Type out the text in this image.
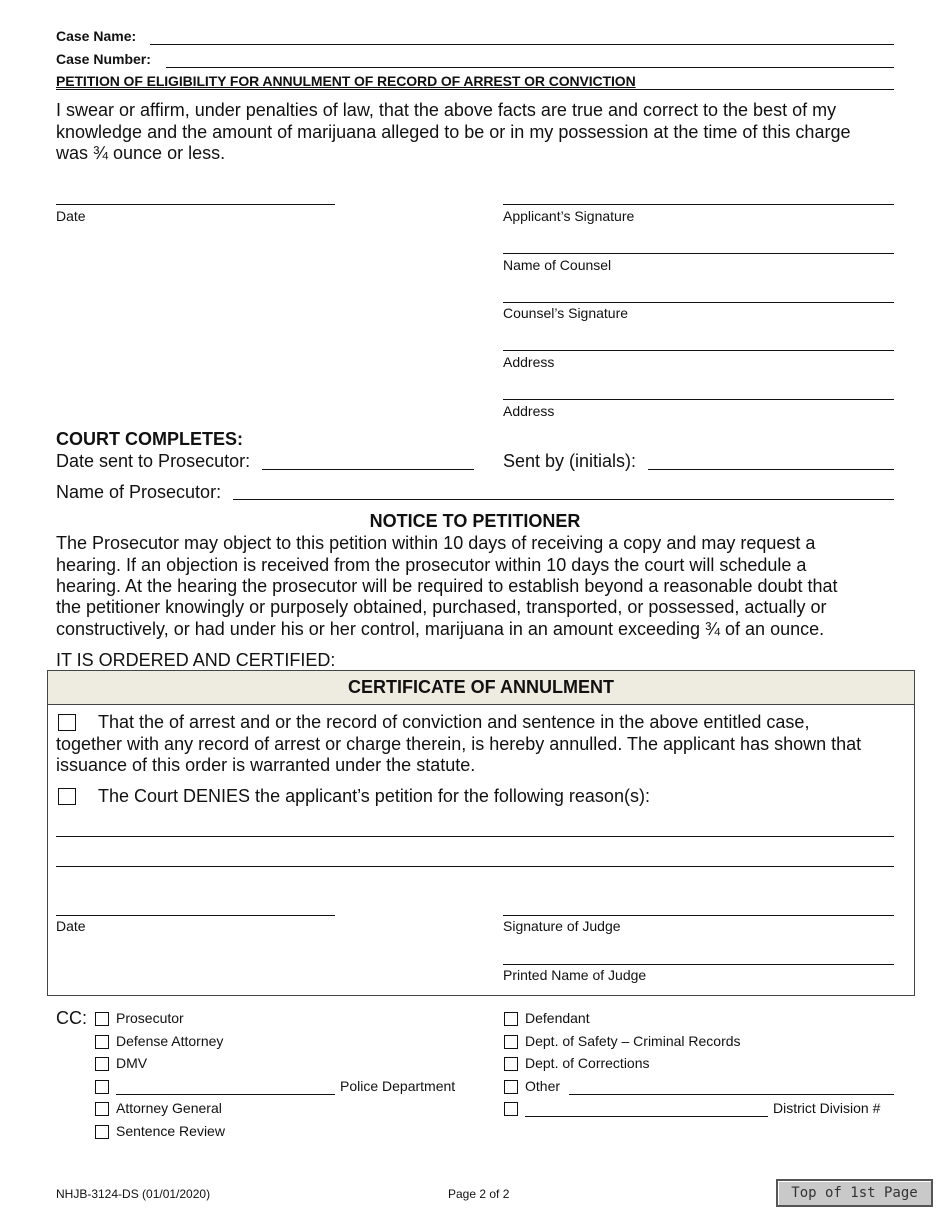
Case Name:
Case Number:
PETITION OF ELIGIBILITY FOR ANNULMENT OF RECORD OF ARREST OR CONVICTION
I swear or affirm, under penalties of law, that the above facts are true and correct to the best of my
knowledge and the amount of marijuana alleged to be or in my possession at the time of this charge
was ¾ ounce or less.
Date	Applicant’s Signature
Name of Counsel
Counsel’s Signature
Address
Address
COURT COMPLETES:
Date sent to Prosecutor:	Sent by (initials):
Name of Prosecutor:
NOTICE TO PETITIONER
The Prosecutor may object to this petition within 10 days of receiving a copy and may request a
hearing. If an objection is received from the prosecutor within 10 days the court will schedule a
hearing. At the hearing the prosecutor will be required to establish beyond a reasonable doubt that
the petitioner knowingly or purposely obtained, purchased, transported, or possessed, actually or
constructively, or had under his or her control, marijuana in an amount exceeding ¾ of an ounce.
IT IS ORDERED AND CERTIFIED:
CERTIFICATE OF ANNULMENT
That the of arrest and or the record of conviction and sentence in the above entitled case,
together with any record of arrest or charge therein, is hereby annulled. The applicant has shown that
issuance of this order is warranted under the statute.
The Court DENIES the applicant’s petition for the following reason(s):
Date	Signature of Judge
Printed Name of Judge
CC: Prosecutor
Defense Attorney
DMV
Police Department
Attorney General
Sentence Review
Defendant
Dept. of Safety – Criminal Records
Dept. of Corrections
Other
District Division #
NHJB-3124-DS (01/01/2020)	Page 2 of 2	Top of 1st Page
